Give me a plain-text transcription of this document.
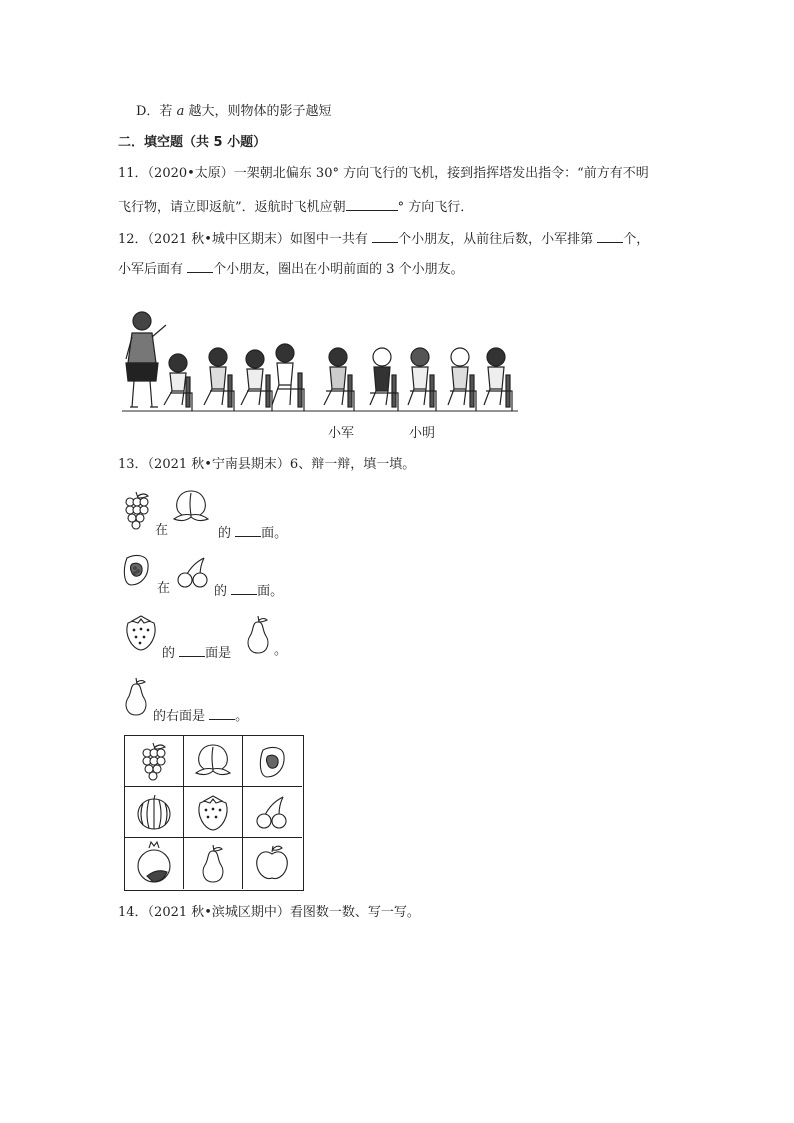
D．若 a 越大，则物体的影子越短
二．填空题（共 5 小题）
11．（2020•太原）一架朝北偏东 30° 方向飞行的飞机，接到指挥塔发出指令：“前方有不明
飞行物，请立即返航”．返航时飞机应朝	° 方向飞行．
12．（2021 秋•城中区期末）如图中一共有 个小朋友，从前往后数，小军排第 个，
小军后面有 个小朋友，圈出在小明前面的 3 个小朋友。
小军	小明
13．（2021 秋•宁南县期末）6、辩一辩，填一填。
在	的 面。
在	的 面。
的 面是	。
的右面是 。
14．（2021 秋•滨城区期中）看图数一数、写一写。
